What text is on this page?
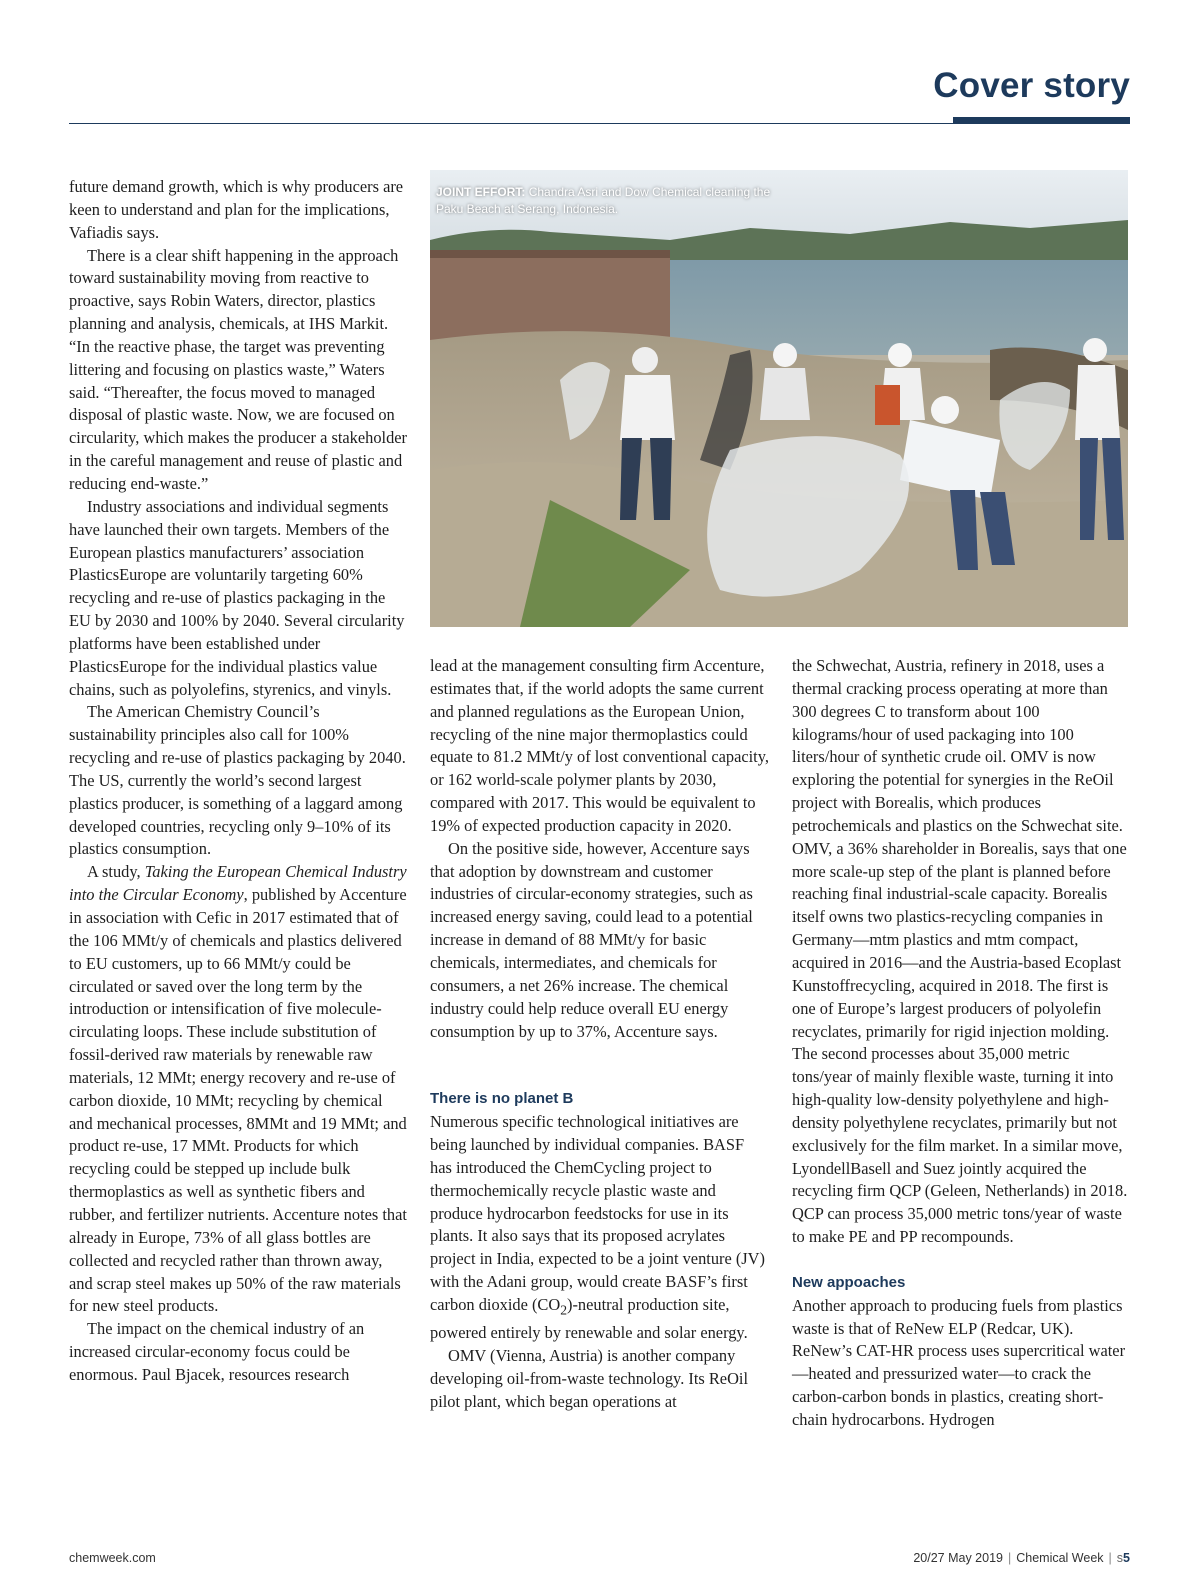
Cover story

future demand growth, which is why producers are keen to understand and plan for the implications, Vafiadis says.

There is a clear shift happening in the approach toward sustainability moving from reactive to proactive, says Robin Waters, director, plastics planning and analysis, chemicals, at IHS Markit. “In the reactive phase, the target was preventing littering and focusing on plastics waste,” Waters said. “Thereafter, the focus moved to managed disposal of plastic waste. Now, we are focused on circularity, which makes the producer a stakeholder in the careful management and reuse of plastic and reducing end-waste.”

Industry associations and individual segments have launched their own targets. Members of the European plastics manufacturers’ association PlasticsEurope are voluntarily targeting 60% recycling and re-use of plastics packaging in the EU by 2030 and 100% by 2040. Several circularity platforms have been established under PlasticsEurope for the individual plastics value chains, such as polyolefins, styrenics, and vinyls.

The American Chemistry Council’s sustainability principles also call for 100% recycling and re-use of plastics packaging by 2040. The US, currently the world’s second largest plastics producer, is something of a laggard among developed countries, recycling only 9–10% of its plastics consumption.

A study, Taking the European Chemical Industry into the Circular Economy, published by Accenture in association with Cefic in 2017 estimated that of the 106 MMt/y of chemicals and plastics delivered to EU customers, up to 66 MMt/y could be circulated or saved over the long term by the introduction or intensification of five molecule-circulating loops. These include substitution of fossil-derived raw materials by renewable raw materials, 12 MMt; energy recovery and re-use of carbon dioxide, 10 MMt; recycling by chemical and mechanical processes, 8MMt and 19 MMt; and product re-use, 17 MMt. Products for which recycling could be stepped up include bulk thermoplastics as well as synthetic fibers and rubber, and fertilizer nutrients. Accenture notes that already in Europe, 73% of all glass bottles are collected and recycled rather than thrown away, and scrap steel makes up 50% of the raw materials for new steel products.

The impact on the chemical industry of an increased circular-economy focus could be enormous. Paul Bjacek, resources research

JOINT EFFORT: Chandra Asri and Dow Chemical cleaning the Paku Beach at Serang, Indonesia.

lead at the management consulting firm Accenture, estimates that, if the world adopts the same current and planned regulations as the European Union, recycling of the nine major thermoplastics could equate to 81.2 MMt/y of lost conventional capacity, or 162 world-scale polymer plants by 2030, compared with 2017. This would be equivalent to 19% of expected production capacity in 2020.

On the positive side, however, Accenture says that adoption by downstream and customer industries of circular-economy strategies, such as increased energy saving, could lead to a potential increase in demand of 88 MMt/y for basic chemicals, intermediates, and chemicals for consumers, a net 26% increase. The chemical industry could help reduce overall EU energy consumption by up to 37%, Accenture says.

There is no planet B

Numerous specific technological initiatives are being launched by individual companies. BASF has introduced the ChemCycling project to thermochemically recycle plastic waste and produce hydrocarbon feedstocks for use in its plants. It also says that its proposed acrylates project in India, expected to be a joint venture (JV) with the Adani group, would create BASF’s first carbon dioxide $(CO_2)$-neutral production site, powered entirely by renewable and solar energy.

OMV (Vienna, Austria) is another company developing oil-from-waste technology. Its ReOil pilot plant, which began operations at

the Schwechat, Austria, refinery in 2018, uses a thermal cracking process operating at more than 300 degrees C to transform about 100 kilograms/hour of used packaging into 100 liters/hour of synthetic crude oil. OMV is now exploring the potential for synergies in the ReOil project with Borealis, which produces petrochemicals and plastics on the Schwechat site. OMV, a 36% shareholder in Borealis, says that one more scale-up step of the plant is planned before reaching final industrial-scale capacity. Borealis itself owns two plastics-recycling companies in Germany—mtm plastics and mtm compact, acquired in 2016—and the Austria-based Ecoplast Kunstoffrecycling, acquired in 2018. The first is one of Europe’s largest producers of polyolefin recyclates, primarily for rigid injection molding. The second processes about 35,000 metric tons/year of mainly flexible waste, turning it into high-quality low-density polyethylene and high-density polyethylene recyclates, primarily but not exclusively for the film market. In a similar move, LyondellBasell and Suez jointly acquired the recycling firm QCP (Geleen, Netherlands) in 2018. QCP can process 35,000 metric tons/year of waste to make PE and PP recompounds.

New appoaches

Another approach to producing fuels from plastics waste is that of ReNew ELP (Redcar, UK). ReNew’s CAT-HR process uses supercritical water—heated and pressurized water—to crack the carbon-carbon bonds in plastics, creating short-chain hydrocarbons. Hydrogen

chemweek.com	20/27 May 2019 | Chemical Week | s5
